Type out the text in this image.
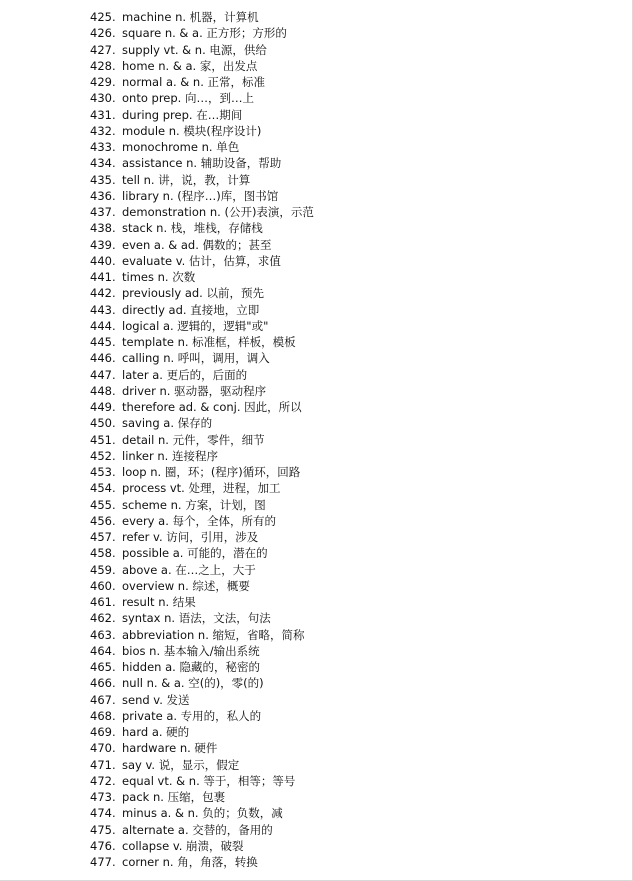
425. machine n. 机器，计算机
426. square n. & a. 正方形；方形的
427. supply vt. & n. 电源，供给
428. home n. & a. 家，出发点
429. normal a. & n. 正常，标准
430. onto prep. 向…，到…上
431. during prep. 在…期间
432. module n. 模块(程序设计)
433. monochrome n. 单色
434. assistance n. 辅助设备，帮助
435. tell n. 讲，说，教，计算
436. library n. (程序…)库，图书馆
437. demonstration n. (公开)表演，示范
438. stack n. 栈，堆栈，存储栈
439. even a. & ad. 偶数的；甚至
440. evaluate v. 估计，估算，求值
441. times n. 次数
442. previously ad. 以前，预先
443. directly ad. 直接地，立即
444. logical a. 逻辑的，逻辑"或"
445. template n. 标准框，样板，模板
446. calling n. 呼叫，调用，调入
447. later a. 更后的，后面的
448. driver n. 驱动器，驱动程序
449. therefore ad. & conj. 因此，所以
450. saving a. 保存的
451. detail n. 元件，零件，细节
452. linker n. 连接程序
453. loop n. 圈，环；(程序)循环，回路
454. process vt. 处理，进程，加工
455. scheme n. 方案，计划，图
456. every a. 每个，全体，所有的
457. refer v. 访问，引用，涉及
458. possible a. 可能的，潜在的
459. above a. 在…之上，大于
460. overview n. 综述，概要
461. result n. 结果
462. syntax n. 语法，文法，句法
463. abbreviation n. 缩短，省略，简称
464. bios n. 基本输入/输出系统
465. hidden a. 隐藏的，秘密的
466. null n. & a. 空(的)，零(的)
467. send v. 发送
468. private a. 专用的，私人的
469. hard a. 硬的
470. hardware n. 硬件
471. say v. 说，显示，假定
472. equal vt. & n. 等于，相等；等号
473. pack n. 压缩，包裹
474. minus a. & n. 负的；负数，减
475. alternate a. 交替的，备用的
476. collapse v. 崩溃，破裂
477. corner n. 角，角落，转换
